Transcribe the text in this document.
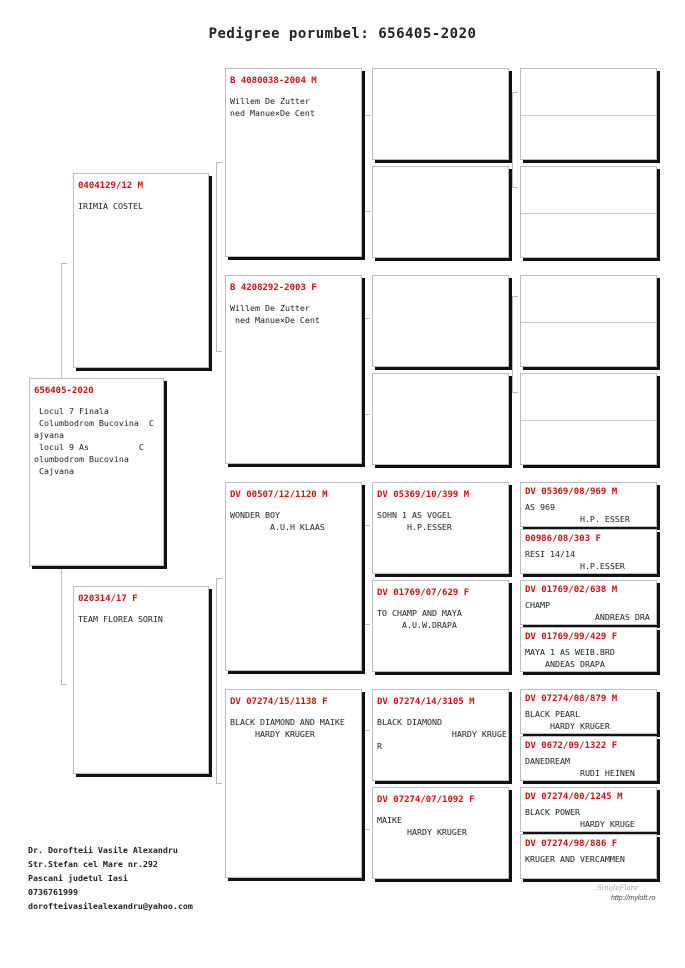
Pedigree porumbel: 656405-2020
656405-2020
Locul 7 Finala
Columbodrom Bucovina  C
ajvana
locul 9 As          C
olumbodrom Bucovina
Cajvana
0404129/12 M
IRIMIA COSTEL
020314/17 F
TEAM FLOREA SORIN
B 4080038-2004 M
Willem De Zutter
ned Manue×De Cent
B 4208292-2003 F
Willem De Zutter
ned Manue×De Cent
DV 00507/12/1120 M
WONDER BOY
A.U.H KLAAS
DV 07274/15/1138 F
BLACK DIAMOND AND MAIKE
HARDY KRUGER
DV 05369/10/399 M
SOHN 1 AS VOGEL
H.P.ESSER
DV 01769/07/629 F
TO CHAMP AND MAYA
A.U.W.DRAPA
DV 07274/14/3105 M
BLACK DIAMOND
HARDY KRUGE
R
DV 07274/07/1092 F
MAIKE
HARDY KRUGER
DV 05369/08/969 M
AS 969
H.P. ESSER
00986/08/303 F
RESI 14/14
H.P.ESSER
DV 01769/02/638 M
CHAMP
ANDREAS DRA
DV 01769/99/429 F
MAYA 1 AS WEIB.BRD
ANDEAS DRAPA
DV 07274/08/879 M
BLACK PEARL
HARDY KRUGER
DV 0672/09/1322 F
DANEDREAM
RUDI HEINEN
DV 07274/00/1245 M
BLACK POWER
HARDY KRUGE
DV 07274/98/886 F
KRUGER AND VERCAMMEN
Dr. Dorofteii Vasile Alexandru
Str.Stefan cel Mare nr.292
Pascani judetul Iasi
0736761999
dorofteivasilealexandru@yahoo.com
SingleFlare
http://myloft.ro
